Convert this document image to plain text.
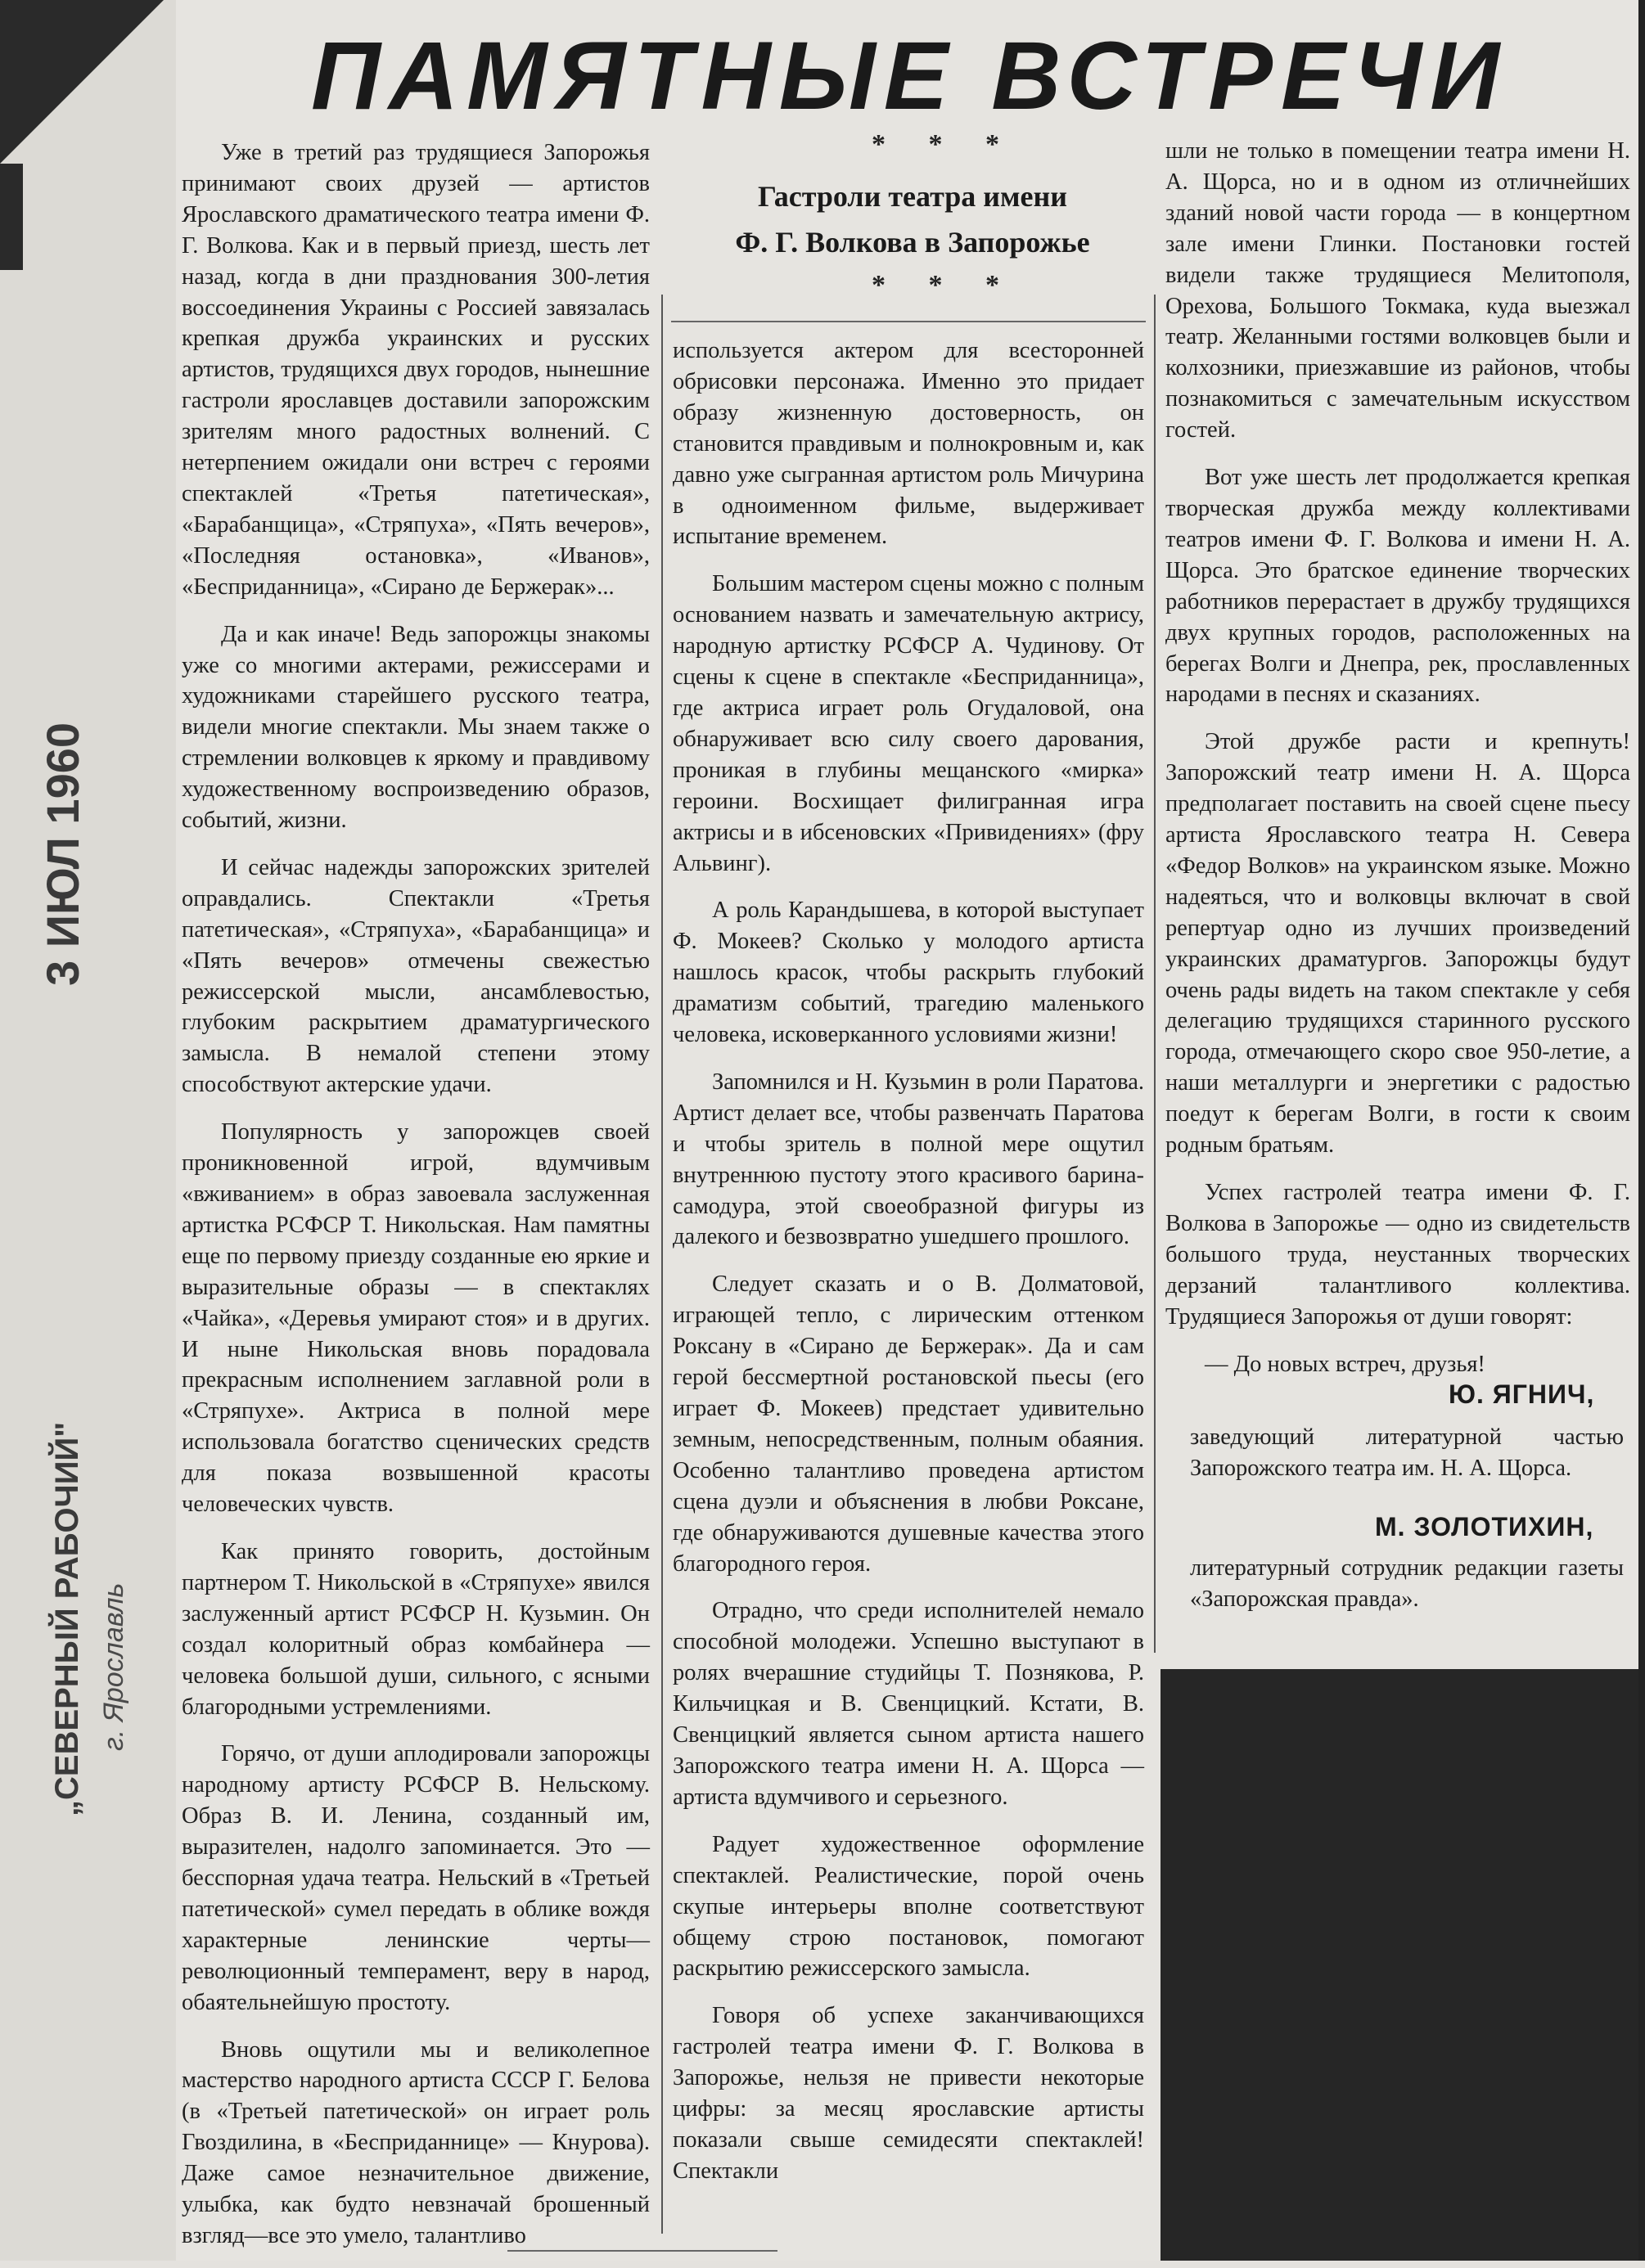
3 ИЮЛ 1960
„СЕВЕРНЫЙ РАБОЧИЙ" г. Ярославль
ПАМЯТНЫЕ ВСТРЕЧИ
* * *
Гастроли театра имени
Ф. Г. Волкова в Запорожье
* * *

Уже в третий раз трудящиеся Запорожья принимают своих друзей — артистов Ярославского драматического театра имени Ф. Г. Волкова. Как и в первый приезд, шесть лет назад, когда в дни празднования 300-летия воссоединения Украины с Россией завязалась крепкая дружба украинских и русских артистов, трудящихся двух городов, нынешние гастроли ярославцев доставили запорожским зрителям много радостных волнений. С нетерпением ожидали они встреч с героями спектаклей «Третья патетическая», «Барабанщица», «Стряпуха», «Пять вечеров», «Последняя остановка», «Иванов», «Бесприданница», «Сирано де Бержерак»...

Да и как иначе! Ведь запорожцы знакомы уже со многими актерами, режиссерами и художниками старейшего русского театра, видели многие спектакли. Мы знаем также о стремлении волковцев к яркому и правдивому художественному воспроизведению образов, событий, жизни.

И сейчас надежды запорожских зрителей оправдались. Спектакли «Третья патетическая», «Стряпуха», «Барабанщица» и «Пять вечеров» отмечены свежестью режиссерской мысли, ансамблевостью, глубоким раскрытием драматургического замысла. В немалой степени этому способствуют актерские удачи.

Популярность у запорожцев своей проникновенной игрой, вдумчивым «вживанием» в образ завоевала заслуженная артистка РСФСР Т. Никольская. Нам памятны еще по первому приезду созданные ею яркие и выразительные образы — в спектаклях «Чайка», «Деревья умирают стоя» и в других. И ныне Никольская вновь порадовала прекрасным исполнением заглавной роли в «Стряпухе». Актриса в полной мере использовала богатство сценических средств для показа возвышенной красоты человеческих чувств.

Как принято говорить, достойным партнером Т. Никольской в «Стряпухе» явился заслуженный артист РСФСР Н. Кузьмин. Он создал колоритный образ комбайнера — человека большой души, сильного, с ясными благородными устремлениями.

Горячо, от души аплодировали запорожцы народному артисту РСФСР В. Нельскому. Образ В. И. Ленина, созданный им, выразителен, надолго запоминается. Это — бесспорная удача театра. Нельский в «Третьей патетической» сумел передать в облике вождя характерные ленинские черты—революционный темперамент, веру в народ, обаятельнейшую простоту.

Вновь ощутили мы и великолепное мастерство народного артиста СССР Г. Белова (в «Третьей патетической» он играет роль Гвоздилина, в «Бесприданнице» — Кнурова). Даже самое незначительное движение, улыбка, как будто невзначай брошенный взгляд—все это умело, талантливо

используется актером для всесторонней обрисовки персонажа. Именно это придает образу жизненную достоверность, он становится правдивым и полнокровным и, как давно уже сыгранная артистом роль Мичурина в одноименном фильме, выдерживает испытание временем.

Большим мастером сцены можно с полным основанием назвать и замечательную актрису, народную артистку РСФСР А. Чудинову. От сцены к сцене в спектакле «Бесприданница», где актриса играет роль Огудаловой, она обнаруживает всю силу своего дарования, проникая в глубины мещанского «мирка» героини. Восхищает филигранная игра актрисы и в ибсеновских «Привидениях» (фру Альвинг).

А роль Карандышева, в которой выступает Ф. Мокеев? Сколько у молодого артиста нашлось красок, чтобы раскрыть глубокий драматизм событий, трагедию маленького человека, исковерканного условиями жизни!

Запомнился и Н. Кузьмин в роли Паратова. Артист делает все, чтобы развенчать Паратова и чтобы зритель в полной мере ощутил внутреннюю пустоту этого красивого барина-самодура, этой своеобразной фигуры из далекого и безвозвратно ушедшего прошлого.

Следует сказать и о В. Долматовой, играющей тепло, с лирическим оттенком Роксану в «Сирано де Бержерак». Да и сам герой бессмертной ростановской пьесы (его играет Ф. Мокеев) предстает удивительно земным, непосредственным, полным обаяния. Особенно талантливо проведена артистом сцена дуэли и объяснения в любви Роксане, где обнаруживаются душевные качества этого благородного героя.

Отрадно, что среди исполнителей немало способной молодежи. Успешно выступают в ролях вчерашние студийцы Т. Познякова, Р. Кильчицкая и В. Свенцицкий. Кстати, В. Свенцицкий является сыном артиста нашего Запорожского театра имени Н. А. Щорса — артиста вдумчивого и серьезного.

Радует художественное оформление спектаклей. Реалистические, порой очень скупые интерьеры вполне соответствуют общему строю постановок, помогают раскрытию режиссерского замысла.

Говоря об успехе заканчивающихся гастролей театра имени Ф. Г. Волкова в Запорожье, нельзя не привести некоторые цифры: за месяц ярославские артисты показали свыше семидесяти спектаклей! Спектакли

шли не только в помещении театра имени Н. А. Щорса, но и в одном из отличнейших зданий новой части города — в концертном зале имени Глинки. Постановки гостей видели также трудящиеся Мелитополя, Орехова, Большого Токмака, куда выезжал театр. Желанными гостями волковцев были и колхозники, приезжавшие из районов, чтобы познакомиться с замечательным искусством гостей.

Вот уже шесть лет продолжается крепкая творческая дружба между коллективами театров имени Ф. Г. Волкова и имени Н. А. Щорса. Это братское единение творческих работников перерастает в дружбу трудящихся двух крупных городов, расположенных на берегах Волги и Днепра, рек, прославленных народами в песнях и сказаниях.

Этой дружбе расти и крепнуть! Запорожский театр имени Н. А. Щорса предполагает поставить на своей сцене пьесу артиста Ярославского театра Н. Севера «Федор Волков» на украинском языке. Можно надеяться, что и волковцы включат в свой репертуар одно из лучших произведений украинских драматургов. Запорожцы будут очень рады видеть на таком спектакле у себя делегацию трудящихся старинного русского города, отмечающего скоро свое 950-летие, а наши металлурги и энергетики с радостью поедут к берегам Волги, в гости к своим родным братьям.

Успех гастролей театра имени Ф. Г. Волкова в Запорожье — одно из свидетельств большого труда, неустанных творческих дерзаний талантливого коллектива. Трудящиеся Запорожья от души говорят:

— До новых встреч, друзья!

Ю. ЯГНИЧ,
заведующий литературной частью Запорожского театра им. Н. А. Щорса.
М. ЗОЛОТИХИН,
литературный сотрудник редакции газеты «Запорожская правда».
